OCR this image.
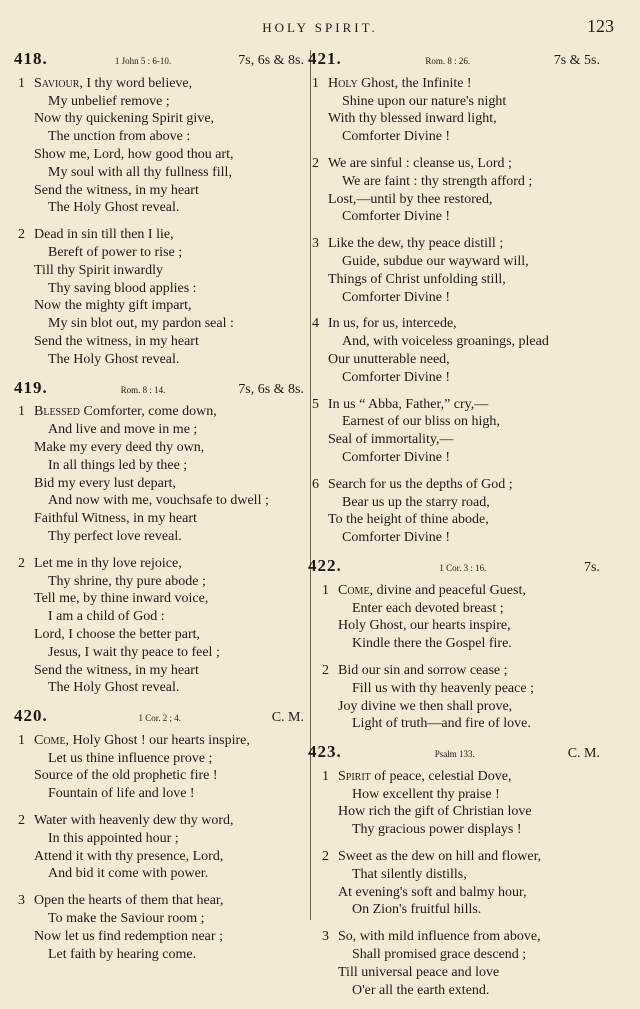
HOLY SPIRIT.	123
418.	1 John 5 : 6-10.	7s, 6s & 8s.
1 Saviour, I thy word believe,
My unbelief remove ;
Now thy quickening Spirit give,
The unction from above :
Show me, Lord, how good thou art,
My soul with all thy fullness fill,
Send the witness, in my heart
The Holy Ghost reveal.
2 Dead in sin till then I lie,
Bereft of power to rise ;
Till thy Spirit inwardly
Thy saving blood applies :
Now the mighty gift impart,
My sin blot out, my pardon seal :
Send the witness, in my heart
The Holy Ghost reveal.
419.	Rom. 8 : 14.	7s, 6s & 8s.
1 Blessed Comforter, come down,
And live and move in me ;
Make my every deed thy own,
In all things led by thee ;
Bid my every lust depart,
And now with me, vouchsafe to dwell ;
Faithful Witness, in my heart
Thy perfect love reveal.
2 Let me in thy love rejoice,
Thy shrine, thy pure abode ;
Tell me, by thine inward voice,
I am a child of God :
Lord, I choose the better part,
Jesus, I wait thy peace to feel ;
Send the witness, in my heart
The Holy Ghost reveal.
420.	1 Cor. 2 ; 4.	C. M.
1 Come, Holy Ghost ! our hearts inspire,
Let us thine influence prove ;
Source of the old prophetic fire !
Fountain of life and love !
2 Water with heavenly dew thy word,
In this appointed hour ;
Attend it with thy presence, Lord,
And bid it come with power.
3 Open the hearts of them that hear,
To make the Saviour room ;
Now let us find redemption near ;
Let faith by hearing come.
421.	Rom. 8 : 26.	7s & 5s.
1 Holy Ghost, the Infinite !
Shine upon our nature's night
With thy blessed inward light,
Comforter Divine !
2 We are sinful : cleanse us, Lord ;
We are faint : thy strength afford ;
Lost,—until by thee restored,
Comforter Divine !
3 Like the dew, thy peace distill ;
Guide, subdue our wayward will,
Things of Christ unfolding still,
Comforter Divine !
4 In us, for us, intercede,
And, with voiceless groanings, plead
Our unutterable need,
Comforter Divine !
5 In us “ Abba, Father,” cry,—
Earnest of our bliss on high,
Seal of immortality,—
Comforter Divine !
6 Search for us the depths of God ;
Bear us up the starry road,
To the height of thine abode,
Comforter Divine !
422.	1 Cor. 3 : 16.	7s.
1 Come, divine and peaceful Guest,
Enter each devoted breast ;
Holy Ghost, our hearts inspire,
Kindle there the Gospel fire.
2 Bid our sin and sorrow cease ;
Fill us with thy heavenly peace ;
Joy divine we then shall prove,
Light of truth—and fire of love.
423.	Psalm 133.	C. M.
1 Spirit of peace, celestial Dove,
How excellent thy praise !
How rich the gift of Christian love
Thy gracious power displays !
2 Sweet as the dew on hill and flower,
That silently distills,
At evening's soft and balmy hour,
On Zion's fruitful hills.
3 So, with mild influence from above,
Shall promised grace descend ;
Till universal peace and love
O'er all the earth extend.
